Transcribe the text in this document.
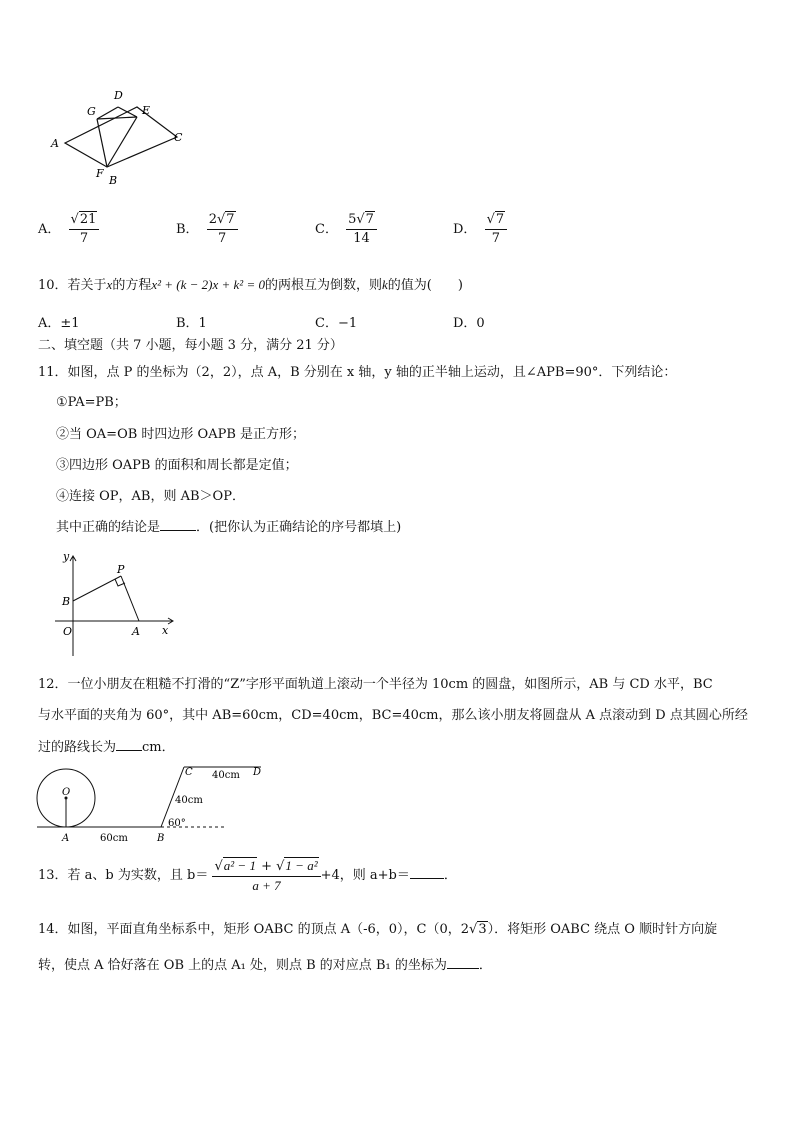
D
G	E
A	C
F
B
A． $\frac{√21}{7}$	B． $\frac{2√7}{7}$	C． $\frac{5√7}{14}$	D． $\frac{√7}{7}$
10．若关于x的方程x² + (k − 2)x + k² = 0的两根互为倒数，则k的值为(　　)
A．±1	B．1	C．−1	D．0
二、填空题（共 7 小题，每小题 3 分，满分 21 分）
11．如图，点 P 的坐标为（2，2），点 A，B 分别在 x 轴，y 轴的正半轴上运动，且∠APB=90°．下列结论：
①PA=PB；
②当 OA=OB 时四边形 OAPB 是正方形；
③四边形 OAPB 的面积和周长都是定值；
④连接 OP，AB，则 AB＞OP．
其中正确的结论是	．(把你认为正确结论的序号都填上)
y
x
P
B
O	A
12．一位小朋友在粗糙不打滑的“Z”字形平面轨道上滚动一个半径为 10cm 的圆盘，如图所示，AB 与 CD 水平，BC
与水平面的夹角为 60°，其中 AB=60cm，CD=40cm，BC=40cm，那么该小朋友将圆盘从 A 点滚动到 D 点其圆心所经
过的路线长为 cm．
O
A	B
C	D
60cm
40cm
40cm
60°
13．若 a、b 为实数，且 $b= \frac{\text{√a² − 1 + √1 − a²}}{a + 7} +4$，则 a+b＝	．
14．如图，平面直角坐标系中，矩形 OABC 的顶点 A（-6，0），C（0，2√3）．将矩形 OABC 绕点 O 顺时针方向旋
转，使点 A 恰好落在 OB 上的点 A₁ 处，则点 B 的对应点 B₁ 的坐标为 ．
